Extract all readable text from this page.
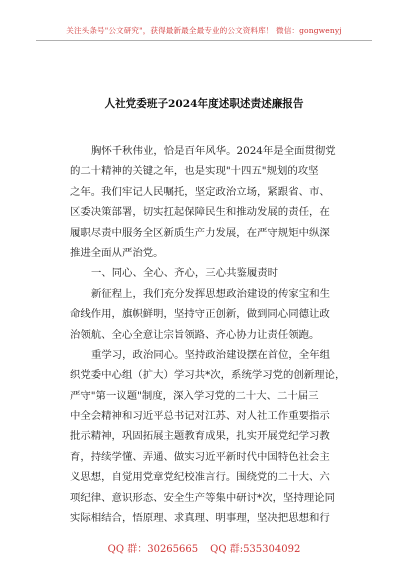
关注头条号"公文研究"，获得最新最全最专业的公文资料库！ 微信：gongwenyj
人社党委班子2024年度述职述责述廉报告
胸怀千秋伟业，恰是百年风华。2024年是全面贯彻党
的二十精神的关键之年，也是实现"十四五"规划的攻坚
之年。我们牢记人民嘱托，坚定政治立场，紧跟省、市、
区委决策部署，切实扛起保障民生和推动发展的责任，在
履职尽责中服务全区新质生产力发展，在严守规矩中纵深
推进全面从严治党。
一、同心、全心、齐心，三心共鉴履责时
新征程上，我们充分发挥思想政治建设的传家宝和生
命线作用，旗帜鲜明，坚持守正创新，做到同心同德让政
治领航、全心全意让宗旨领路、齐心协力让责任领跑。
重学习，政治同心。坚持政治建设摆在首位，全年组
织党委中心组（扩大）学习共*次，系统学习党的创新理论，
严守"第一议题"制度，深入学习党的二十大、二十届三
中全会精神和习近平总书记对江苏、对人社工作重要指示
批示精神，巩固拓展主题教育成果，扎实开展党纪学习教
育，持续学懂、弄通、做实习近平新时代中国特色社会主
义思想，自觉用党章党纪校准言行。围绕党的二十大、六
项纪律、意识形态、安全生产等集中研讨*次，坚持理论同
实际相结合，悟原理、求真理、明事理，坚决把思想和行
QQ 群：30265665 QQ 群:535304092
